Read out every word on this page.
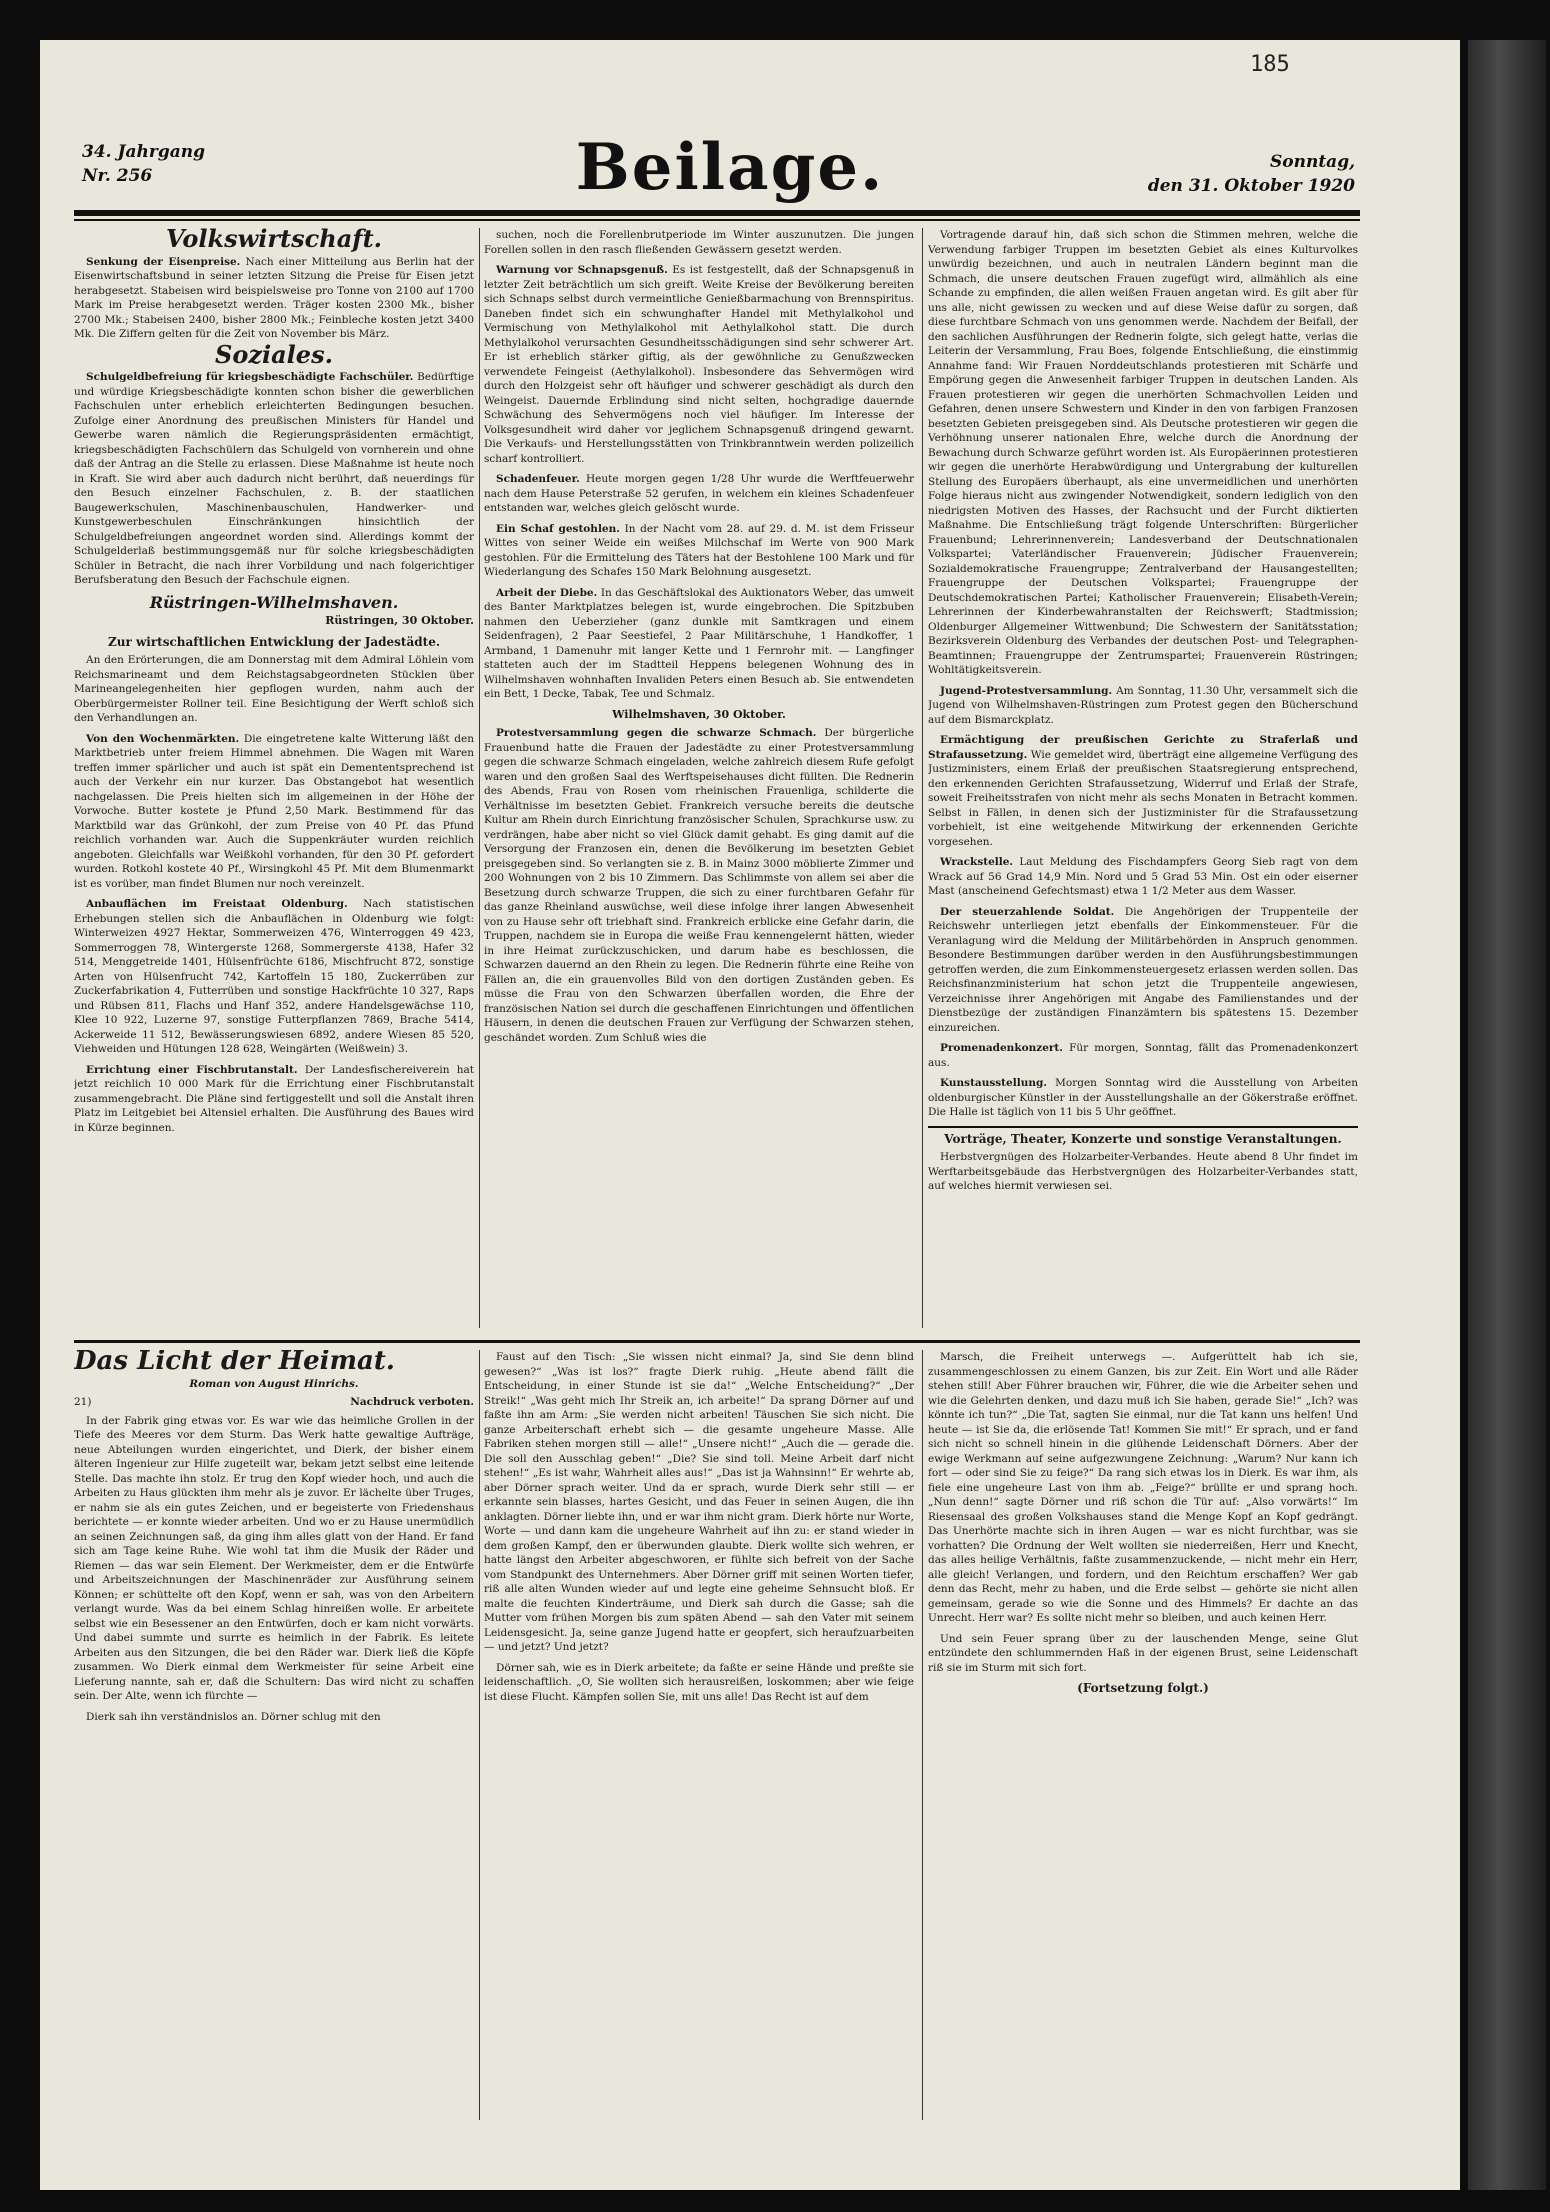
185
34. Jahrgang
Nr. 256	Beilage.	Sonntag,
den 31. Oktober 1920
Volkswirtschaft.

Senkung der Eisenpreise. Nach einer Mitteilung aus Berlin hat der Eisenwirtschaftsbund in seiner letzten Sitzung die Preise für Eisen jetzt herabgesetzt. Stabeisen wird beispielsweise pro Tonne von 2100 auf 1700 Mark im Preise herabgesetzt werden. Träger kosten 2300 Mk., bisher 2700 Mk.; Stabeisen 2400, bisher 2800 Mk.; Feinbleche kosten jetzt 3400 Mk. Die Ziffern gelten für die Zeit von November bis März.

Soziales.

Schulgeldbefreiung für kriegsbeschädigte Fachschüler. Bedürftige und würdige Kriegsbeschädigte konnten schon bisher die gewerblichen Fachschulen unter erheblich erleichterten Bedingungen besuchen. Zufolge einer Anordnung des preußischen Ministers für Handel und Gewerbe waren nämlich die Regierungspräsidenten ermächtigt, kriegsbeschädigten Fachschülern das Schulgeld von vornherein und ohne daß der Antrag an die Stelle zu erlassen. Diese Maßnahme ist heute noch in Kraft. Sie wird aber auch dadurch nicht berührt, daß neuerdings für den Besuch einzelner Fachschulen, z. B. der staatlichen Baugewerkschulen, Maschinenbauschulen, Handwerker- und Kunstgewerbeschulen Einschränkungen hinsichtlich der Schulgeldbefreiungen angeordnet worden sind. Allerdings kommt der Schulgelderlaß bestimmungsgemäß nur für solche kriegsbeschädigten Schüler in Betracht, die nach ihrer Vorbildung und nach folgerichtiger Berufsberatung den Besuch der Fachschule eignen.

Rüstringen-Wilhelmshaven.
Rüstringen, 30 Oktober.
Zur wirtschaftlichen Entwicklung der Jadestädte.

An den Erörterungen, die am Donnerstag mit dem Admiral Löhlein vom Reichsmarineamt und dem Reichstagsabgeordneten Stücklen über Marineangelegenheiten hier gepflogen wurden, nahm auch der Oberbürgermeister Rollner teil. Eine Besichtigung der Werft schloß sich den Verhandlungen an.

Von den Wochenmärkten. Die eingetretene kalte Witterung läßt den Marktbetrieb unter freiem Himmel abnehmen. Die Wagen mit Waren treffen immer spärlicher und auch ist spät ein Demententsprechend ist auch der Verkehr ein nur kurzer. Das Obstangebot hat wesentlich nachgelassen. Die Preis hielten sich im allgemeinen in der Höhe der Vorwoche. Butter kostete je Pfund 2,50 Mark. Bestimmend für das Marktbild war das Grünkohl, der zum Preise von 40 Pf. das Pfund reichlich vorhanden war. Auch die Suppenkräuter wurden reichlich angeboten. Gleichfalls war Weißkohl vorhanden, für den 30 Pf. gefordert wurden. Rotkohl kostete 40 Pf., Wirsingkohl 45 Pf. Mit dem Blumenmarkt ist es vorüber, man findet Blumen nur noch vereinzelt.

Anbauflächen im Freistaat Oldenburg. Nach statistischen Erhebungen stellen sich die Anbauflächen in Oldenburg wie folgt: Winterweizen 4927 Hektar, Sommerweizen 476, Winterroggen 49 423, Sommerroggen 78, Wintergerste 1268, Sommergerste 4138, Hafer 32 514, Menggetreide 1401, Hülsenfrüchte 6186, Mischfrucht 872, sonstige Arten von Hülsenfrucht 742, Kartoffeln 15 180, Zuckerrüben zur Zuckerfabrikation 4, Futterrüben und sonstige Hackfrüchte 10 327, Raps und Rübsen 811, Flachs und Hanf 352, andere Handelsgewächse 110, Klee 10 922, Luzerne 97, sonstige Futterpflanzen 7869, Brache 5414, Ackerweide 11 512, Bewässerungswiesen 6892, andere Wiesen 85 520, Viehweiden und Hütungen 128 628, Weingärten (Weißwein) 3.

Errichtung einer Fischbrutanstalt. Der Landesfischereiverein hat jetzt reichlich 10 000 Mark für die Errichtung einer Fischbrutanstalt zusammengebracht. Die Pläne sind fertiggestellt und soll die Anstalt ihren Platz im Leitgebiet bei Altensiel erhalten. Die Ausführung des Baues wird in Kürze beginnen.

suchen, noch die Forellenbrutperiode im Winter auszunutzen. Die jungen Forellen sollen in den rasch fließenden Gewässern gesetzt werden.

Warnung vor Schnapsgenuß. Es ist festgestellt, daß der Schnapsgenuß in letzter Zeit beträchtlich um sich greift. Weite Kreise der Bevölkerung bereiten sich Schnaps selbst durch vermeintliche Genießbarmachung von Brennspiritus. Daneben findet sich ein schwunghafter Handel mit Methylalkohol und Vermischung von Methylalkohol mit Aethylalkohol statt. Die durch Methylalkohol verursachten Gesundheitsschädigungen sind sehr schwerer Art. Er ist erheblich stärker giftig, als der gewöhnliche zu Genußzwecken verwendete Feingeist (Aethylalkohol). Insbesondere das Sehvermögen wird durch den Holzgeist sehr oft häufiger und schwerer geschädigt als durch den Weingeist. Dauernde Erblindung sind nicht selten, hochgradige dauernde Schwächung des Sehvermögens noch viel häufiger. Im Interesse der Volksgesundheit wird daher vor jeglichem Schnapsgenuß dringend gewarnt. Die Verkaufs- und Herstellungsstätten von Trinkbranntwein werden polizeilich scharf kontrolliert.

Schadenfeuer. Heute morgen gegen 1/28 Uhr wurde die Werftfeuerwehr nach dem Hause Peterstraße 52 gerufen, in welchem ein kleines Schadenfeuer entstanden war, welches gleich gelöscht wurde.

Ein Schaf gestohlen. In der Nacht vom 28. auf 29. d. M. ist dem Frisseur Wittes von seiner Weide ein weißes Milchschaf im Werte von 900 Mark gestohlen. Für die Ermittelung des Täters hat der Bestohlene 100 Mark und für Wiederlangung des Schafes 150 Mark Belohnung ausgesetzt.

Arbeit der Diebe. In das Geschäftslokal des Auktionators Weber, das umweit des Banter Marktplatzes belegen ist, wurde eingebrochen. Die Spitzbuben nahmen den Ueberzieher (ganz dunkle mit Samtkragen und einem Seidenfragen), 2 Paar Seestiefel, 2 Paar Militärschuhe, 1 Handkoffer, 1 Armband, 1 Damenuhr mit langer Kette und 1 Fernrohr mit. — Langfinger statteten auch der im Stadtteil Heppens belegenen Wohnung des in Wilhelmshaven wohnhaften Invaliden Peters einen Besuch ab. Sie entwendeten ein Bett, 1 Decke, Tabak, Tee und Schmalz.

Wilhelmshaven, 30 Oktober.

Protestversammlung gegen die schwarze Schmach. Der bürgerliche Frauenbund hatte die Frauen der Jadestädte zu einer Protestversammlung gegen die schwarze Schmach eingeladen, welche zahlreich diesem Rufe gefolgt waren und den großen Saal des Werftspeisehauses dicht füllten. Die Rednerin des Abends, Frau von Rosen vom rheinischen Frauenliga, schilderte die Verhältnisse im besetzten Gebiet. Frankreich versuche bereits die deutsche Kultur am Rhein durch Einrichtung französischer Schulen, Sprachkurse usw. zu verdrängen, habe aber nicht so viel Glück damit gehabt. Es ging damit auf die Versorgung der Franzosen ein, denen die Bevölkerung im besetzten Gebiet preisgegeben sind. So verlangten sie z. B. in Mainz 3000 möblierte Zimmer und 200 Wohnungen von 2 bis 10 Zimmern. Das Schlimmste von allem sei aber die Besetzung durch schwarze Truppen, die sich zu einer furchtbaren Gefahr für das ganze Rheinland auswüchse, weil diese infolge ihrer langen Abwesenheit von zu Hause sehr oft triebhaft sind. Frankreich erblicke eine Gefahr darin, die Truppen, nachdem sie in Europa die weiße Frau kennengelernt hätten, wieder in ihre Heimat zurückzuschicken, und darum habe es beschlossen, die Schwarzen dauernd an den Rhein zu legen. Die Rednerin führte eine Reihe von Fällen an, die ein grauenvolles Bild von den dortigen Zuständen geben. Es müsse die Frau von den Schwarzen überfallen worden, die Ehre der französischen Nation sei durch die geschaffenen Einrichtungen und öffentlichen Häusern, in denen die deutschen Frauen zur Verfügung der Schwarzen stehen, geschändet worden. Zum Schluß wies die

Vortragende darauf hin, daß sich schon die Stimmen mehren, welche die Verwendung farbiger Truppen im besetzten Gebiet als eines Kulturvolkes unwürdig bezeichnen, und auch in neutralen Ländern beginnt man die Schmach, die unsere deutschen Frauen zugefügt wird, allmählich als eine Schande zu empfinden, die allen weißen Frauen angetan wird. Es gilt aber für uns alle, nicht gewissen zu wecken und auf diese Weise dafür zu sorgen, daß diese furchtbare Schmach von uns genommen werde. Nachdem der Beifall, der den sachlichen Ausführungen der Rednerin folgte, sich gelegt hatte, verlas die Leiterin der Versammlung, Frau Boes, folgende Entschließung, die einstimmig Annahme fand: Wir Frauen Norddeutschlands protestieren mit Schärfe und Empörung gegen die Anwesenheit farbiger Truppen in deutschen Landen. Als Frauen protestieren wir gegen die unerhörten Schmachvollen Leiden und Gefahren, denen unsere Schwestern und Kinder in den von farbigen Franzosen besetzten Gebieten preisgegeben sind. Als Deutsche protestieren wir gegen die Verhöhnung unserer nationalen Ehre, welche durch die Anordnung der Bewachung durch Schwarze geführt worden ist. Als Europäerinnen protestieren wir gegen die unerhörte Herabwürdigung und Untergrabung der kulturellen Stellung des Europäers überhaupt, als eine unvermeidlichen und unerhörten Folge hieraus nicht aus zwingender Notwendigkeit, sondern lediglich von den niedrigsten Motiven des Hasses, der Rachsucht und der Furcht diktierten Maßnahme. Die Entschließung trägt folgende Unterschriften: Bürgerlicher Frauenbund; Lehrerinnenverein; Landesverband der Deutschnationalen Volkspartei; Vaterländischer Frauenverein; Jüdischer Frauenverein; Sozialdemokratische Frauengruppe; Zentralverband der Hausangestellten; Frauengruppe der Deutschen Volkspartei; Frauengruppe der Deutschdemokratischen Partei; Katholischer Frauenverein; Elisabeth-Verein; Lehrerinnen der Kinderbewahranstalten der Reichswerft; Stadtmission; Oldenburger Allgemeiner Wittwenbund; Die Schwestern der Sanitätsstation; Bezirksverein Oldenburg des Verbandes der deutschen Post- und Telegraphen-Beamtinnen; Frauengruppe der Zentrumspartei; Frauenverein Rüstringen; Wohltätigkeitsverein.

Jugend-Protestversammlung. Am Sonntag, 11.30 Uhr, versammelt sich die Jugend von Wilhelmshaven-Rüstringen zum Protest gegen den Bücherschund auf dem Bismarckplatz.

Ermächtigung der preußischen Gerichte zu Straferlaß und Strafaussetzung. Wie gemeldet wird, überträgt eine allgemeine Verfügung des Justizministers, einem Erlaß der preußischen Staatsregierung entsprechend, den erkennenden Gerichten Strafaussetzung, Widerruf und Erlaß der Strafe, soweit Freiheitsstrafen von nicht mehr als sechs Monaten in Betracht kommen. Selbst in Fällen, in denen sich der Justizminister für die Strafaussetzung vorbehielt, ist eine weitgehende Mitwirkung der erkennenden Gerichte vorgesehen.

Wrackstelle. Laut Meldung des Fischdampfers Georg Sieb ragt von dem Wrack auf 56 Grad 14,9 Min. Nord und 5 Grad 53 Min. Ost ein oder eiserner Mast (anscheinend Gefechtsmast) etwa 1 1/2 Meter aus dem Wasser.

Der steuerzahlende Soldat. Die Angehörigen der Truppenteile der Reichswehr unterliegen jetzt ebenfalls der Einkommensteuer. Für die Veranlagung wird die Meldung der Militärbehörden in Anspruch genommen. Besondere Bestimmungen darüber werden in den Ausführungsbestimmungen getroffen werden, die zum Einkommensteuergesetz erlassen werden sollen. Das Reichsfinanzministerium hat schon jetzt die Truppenteile angewiesen, Verzeichnisse ihrer Angehörigen mit Angabe des Familienstandes und der Dienstbezüge der zuständigen Finanzämtern bis spätestens 15. Dezember einzureichen.

Promenadenkonzert. Für morgen, Sonntag, fällt das Promenadenkonzert aus.

Kunstausstellung. Morgen Sonntag wird die Ausstellung von Arbeiten oldenburgischer Künstler in der Ausstellungshalle an der Gökerstraße eröffnet. Die Halle ist täglich von 11 bis 5 Uhr geöffnet.

Vorträge, Theater, Konzerte und sonstige Veranstaltungen.

Herbstvergnügen des Holzarbeiter-Verbandes. Heute abend 8 Uhr findet im Werftarbeitsgebäude das Herbstvergnügen des Holzarbeiter-Verbandes statt, auf welches hiermit verwiesen sei.

Das Licht der Heimat.
Roman von August Hinrichs.
21)	Nachdruck verboten.

In der Fabrik ging etwas vor. Es war wie das heimliche Grollen in der Tiefe des Meeres vor dem Sturm. Das Werk hatte gewaltige Aufträge, neue Abteilungen wurden eingerichtet, und Dierk, der bisher einem älteren Ingenieur zur Hilfe zugeteilt war, bekam jetzt selbst eine leitende Stelle. Das machte ihn stolz. Er trug den Kopf wieder hoch, und auch die Arbeiten zu Haus glückten ihm mehr als je zuvor. Er lächelte über Truges, er nahm sie als ein gutes Zeichen, und er begeisterte von Friedenshaus berichtete — er konnte wieder arbeiten. Und wo er zu Hause unermüdlich an seinen Zeichnungen saß, da ging ihm alles glatt von der Hand. Er fand sich am Tage keine Ruhe. Wie wohl tat ihm die Musik der Räder und Riemen — das war sein Element. Der Werkmeister, dem er die Entwürfe und Arbeitszeichnungen der Maschinenräder zur Ausführung seinem Können; er schüttelte oft den Kopf, wenn er sah, was von den Arbeitern verlangt wurde. Was da bei einem Schlag hinreißen wolle. Er arbeitete selbst wie ein Besessener an den Entwürfen, doch er kam nicht vorwärts. Und dabei summte und surrte es heimlich in der Fabrik. Es leitete Arbeiten aus den Sitzungen, die bei den Räder war. Dierk ließ die Köpfe zusammen. Wo Dierk einmal dem Werkmeister für seine Arbeit eine Lieferung nannte, sah er, daß die Schultern: Das wird nicht zu schaffen sein. Der Alte, wenn ich fürchte —

Dierk sah ihn verständnislos an. Dörner schlug mit den

Faust auf den Tisch: „Sie wissen nicht einmal? Ja, sind Sie denn blind gewesen?“ „Was ist los?“ fragte Dierk ruhig. „Heute abend fällt die Entscheidung, in einer Stunde ist sie da!“ „Welche Entscheidung?“ „Der Streik!“ „Was geht mich Ihr Streik an, ich arbeite!“ Da sprang Dörner auf und faßte ihn am Arm: „Sie werden nicht arbeiten! Täuschen Sie sich nicht. Die ganze Arbeiterschaft erhebt sich — die gesamte ungeheure Masse. Alle Fabriken stehen morgen still — alle!“ „Unsere nicht!“ „Auch die — gerade die. Die soll den Ausschlag geben!“ „Die? Sie sind toll. Meine Arbeit darf nicht stehen!“ „Es ist wahr, Wahrheit alles aus!“ „Das ist ja Wahnsinn!“ Er wehrte ab, aber Dörner sprach weiter. Und da er sprach, wurde Dierk sehr still — er erkannte sein blasses, hartes Gesicht, und das Feuer in seinen Augen, die ihn anklagten. Dörner liebte ihn, und er war ihm nicht gram. Dierk hörte nur Worte, Worte — und dann kam die ungeheure Wahrheit auf ihn zu: er stand wieder in dem großen Kampf, den er überwunden glaubte. Dierk wollte sich wehren, er hatte längst den Arbeiter abgeschworen, er fühlte sich befreit von der Sache vom Standpunkt des Unternehmers. Aber Dörner griff mit seinen Worten tiefer, riß alle alten Wunden wieder auf und legte eine geheime Sehnsucht bloß. Er malte die feuchten Kinderträume, und Dierk sah durch die Gasse; sah die Mutter vom frühen Morgen bis zum späten Abend — sah den Vater mit seinem Leidensgesicht. Ja, seine ganze Jugend hatte er geopfert, sich heraufzuarbeiten — und jetzt? Und jetzt?

Dörner sah, wie es in Dierk arbeitete; da faßte er seine Hände und preßte sie leidenschaftlich. „O, Sie wollten sich herausreißen, loskommen; aber wie feige ist diese Flucht. Kämpfen sollen Sie, mit uns alle! Das Recht ist auf dem

Marsch, die Freiheit unterwegs —. Aufgerüttelt hab ich sie, zusammengeschlossen zu einem Ganzen, bis zur Zeit. Ein Wort und alle Räder stehen still! Aber Führer brauchen wir, Führer, die wie die Arbeiter sehen und wie die Gelehrten denken, und dazu muß ich Sie haben, gerade Sie!“ „Ich? was könnte ich tun?“ „Die Tat, sagten Sie einmal, nur die Tat kann uns helfen! Und heute — ist Sie da, die erlösende Tat! Kommen Sie mit!“ Er sprach, und er fand sich nicht so schnell hinein in die glühende Leidenschaft Dörners. Aber der ewige Werkmann auf seine aufgezwungene Zeichnung: „Warum? Nur kann ich fort — oder sind Sie zu feige?“ Da rang sich etwas los in Dierk. Es war ihm, als fiele eine ungeheure Last von ihm ab. „Feige?“ brüllte er und sprang hoch. „Nun denn!“ sagte Dörner und riß schon die Tür auf: „Also vorwärts!“ Im Riesensaal des großen Volkshauses stand die Menge Kopf an Kopf gedrängt. Das Unerhörte machte sich in ihren Augen — war es nicht furchtbar, was sie vorhatten? Die Ordnung der Welt wollten sie niederreißen, Herr und Knecht, das alles heilige Verhältnis, faßte zusammenzuckende, — nicht mehr ein Herr, alle gleich! Verlangen, und fordern, und den Reichtum erschaffen? Wer gab denn das Recht, mehr zu haben, und die Erde selbst — gehörte sie nicht allen gemeinsam, gerade so wie die Sonne und des Himmels? Er dachte an das Unrecht. Herr war? Es sollte nicht mehr so bleiben, und auch keinen Herr.

Und sein Feuer sprang über zu der lauschenden Menge, seine Glut entzündete den schlummernden Haß in der eigenen Brust, seine Leidenschaft riß sie im Sturm mit sich fort.

(Fortsetzung folgt.)
